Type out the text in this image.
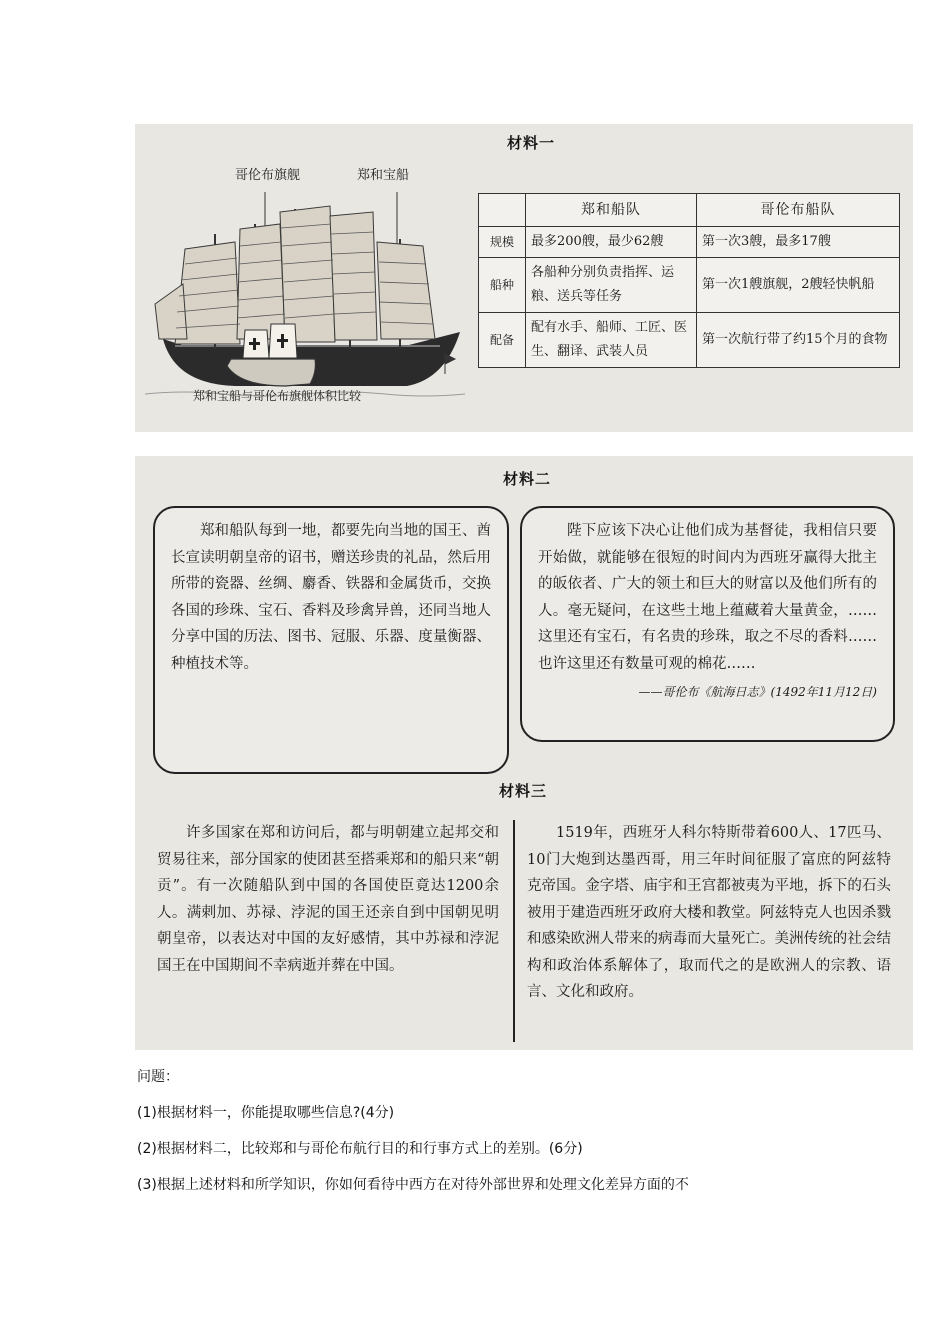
材料一
哥伦布旗舰	郑和宝船
郑和宝船与哥伦布旗舰体积比较
	郑和船队	哥伦布船队
规模	最多200艘，最少62艘	第一次3艘，最多17艘
船种	各船种分别负责指挥、运粮、送兵等任务	第一次1艘旗舰，2艘轻快帆船
配备	配有水手、船师、工匠、医生、翻译、武装人员	第一次航行带了约15个月的食物
材料二
郑和船队每到一地，都要先向当地的国王、酋长宣读明朝皇帝的诏书，赠送珍贵的礼品，然后用所带的瓷器、丝绸、麝香、铁器和金属货币，交换各国的珍珠、宝石、香料及珍禽异兽，还同当地人分享中国的历法、图书、冠服、乐器、度量衡器、种植技术等。
陛下应该下决心让他们成为基督徒，我相信只要开始做，就能够在很短的时间内为西班牙赢得大批主的皈依者、广大的领土和巨大的财富以及他们所有的人。毫无疑问，在这些土地上蕴藏着大量黄金，……这里还有宝石，有名贵的珍珠，取之不尽的香料……也许这里还有数量可观的棉花……
——哥伦布《航海日志》(1492年11月12日)
材料三
许多国家在郑和访问后，都与明朝建立起邦交和贸易往来，部分国家的使团甚至搭乘郑和的船只来“朝贡”。有一次随船队到中国的各国使臣竟达1200余人。满剌加、苏禄、浡泥的国王还亲自到中国朝见明朝皇帝，以表达对中国的友好感情，其中苏禄和浡泥国王在中国期间不幸病逝并葬在中国。
1519年，西班牙人科尔特斯带着600人、17匹马、10门大炮到达墨西哥，用三年时间征服了富庶的阿兹特克帝国。金字塔、庙宇和王宫都被夷为平地，拆下的石头被用于建造西班牙政府大楼和教堂。阿兹特克人也因杀戮和感染欧洲人带来的病毒而大量死亡。美洲传统的社会结构和政治体系解体了，取而代之的是欧洲人的宗教、语言、文化和政府。
问题：
(1)根据材料一，你能提取哪些信息?(4分)
(2)根据材料二，比较郑和与哥伦布航行目的和行事方式上的差别。(6分)
(3)根据上述材料和所学知识，你如何看待中西方在对待外部世界和处理文化差异方面的不
